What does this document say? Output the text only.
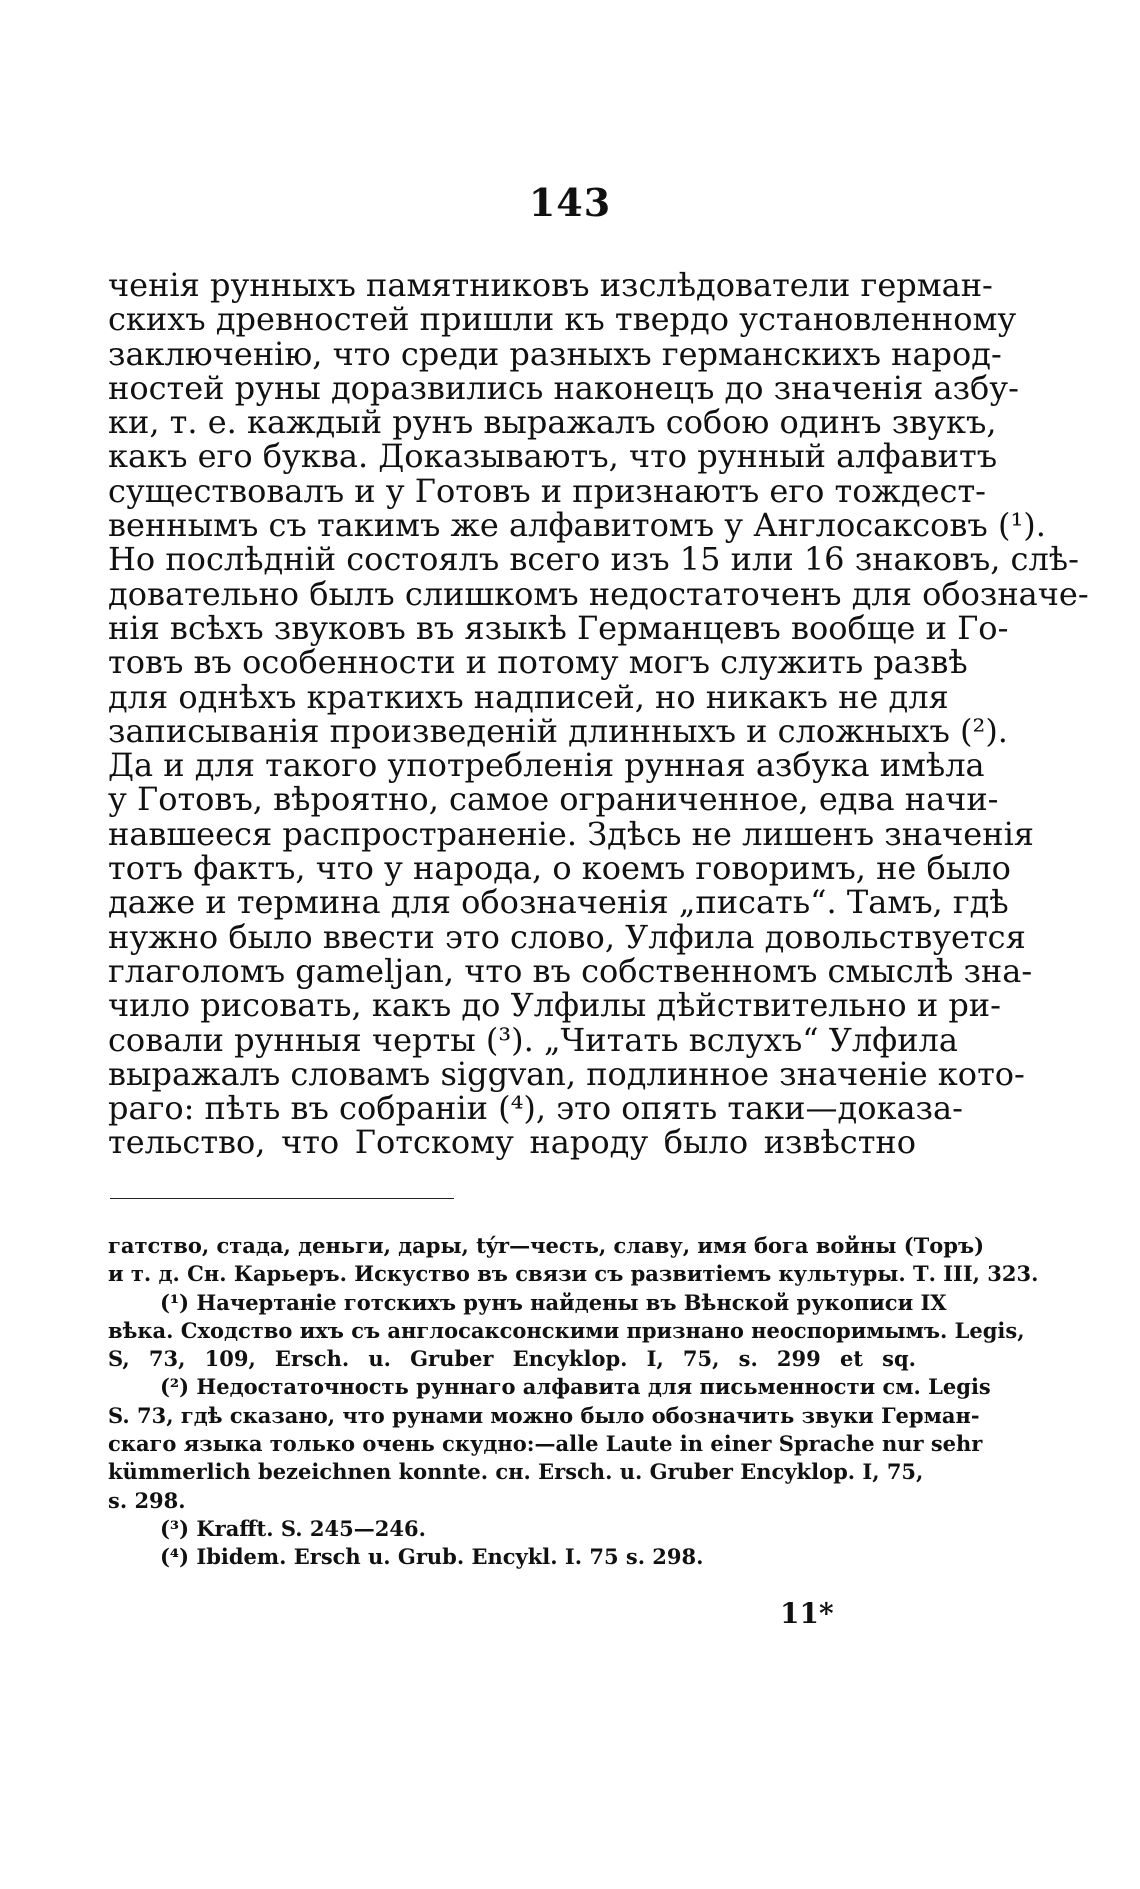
143
ченія рунныхъ памятниковъ изслѣдователи герман-
скихъ древностей пришли къ твердо установленному
заключенію, что среди разныхъ германскихъ народ-
ностей руны доразвились наконецъ до значенія азбу-
ки, т. е. каждый рунъ выражалъ собою одинъ звукъ,
какъ его буква. Доказываютъ, что рунный алфавитъ
существовалъ и у Готовъ и признаютъ его тождест-
веннымъ съ такимъ же алфавитомъ у Англосаксовъ (¹).
Но послѣдній состоялъ всего изъ 15 или 16 знаковъ, слѣ-
довательно былъ слишкомъ недостаточенъ для обозначе-
нія всѣхъ звуковъ въ языкѣ Германцевъ вообще и Го-
товъ въ особенности и потому могъ служить развѣ
для однѣхъ краткихъ надписей, но никакъ не для
записыванія произведеній длинныхъ и сложныхъ (²).
Да и для такого употребленія рунная азбука имѣла
у Готовъ, вѣроятно, самое ограниченное, едва начи-
навшееся распространеніе. Здѣсь не лишенъ значенія
тотъ фактъ, что у народа, о коемъ говоримъ, не было
даже и термина для обозначенія „писать“. Тамъ, гдѣ
нужно было ввести это слово, Улфила довольствуется
глаголомъ gameljan, что въ собственномъ смыслѣ зна-
чило рисовать, какъ до Улфилы дѣйствительно и ри-
совали рунныя черты (³). „Читать вслухъ“ Улфила
выражалъ словамъ siggvan, подлинное значеніе кото-
раго: пѣть въ собраніи (⁴), это опять таки—доказа-
тельство, что Готскому народу было извѣстно
гатство, стада, деньги, дары, týr—честь, славу, имя бога войны (Торъ)
и т. д. Сн. Карьеръ. Искуство въ связи съ развитіемъ культуры. Т. III, 323.
(¹) Начертаніе готскихъ рунъ найдены въ Вѣнской рукописи IX
вѣка. Сходство ихъ съ англосаксонскими признано неоспоримымъ. Legis,
S, 73, 109, Ersch. u. Gruber Encyklop. I, 75, s. 299 et sq.
(²) Недостаточность руннаго алфавита для письменности см. Legis
S. 73, гдѣ сказано, что рунами можно было обозначить звуки Герман-
скаго языка только очень скудно:—alle Laute in einer Sprache nur sehr
kümmerlich bezeichnen konnte. сн. Ersch. u. Gruber Encyklop. I, 75,
s. 298.
(³) Krafft. S. 245—246.
(⁴) Ibidem. Ersch u. Grub. Encykl. I. 75 s. 298.
11*
